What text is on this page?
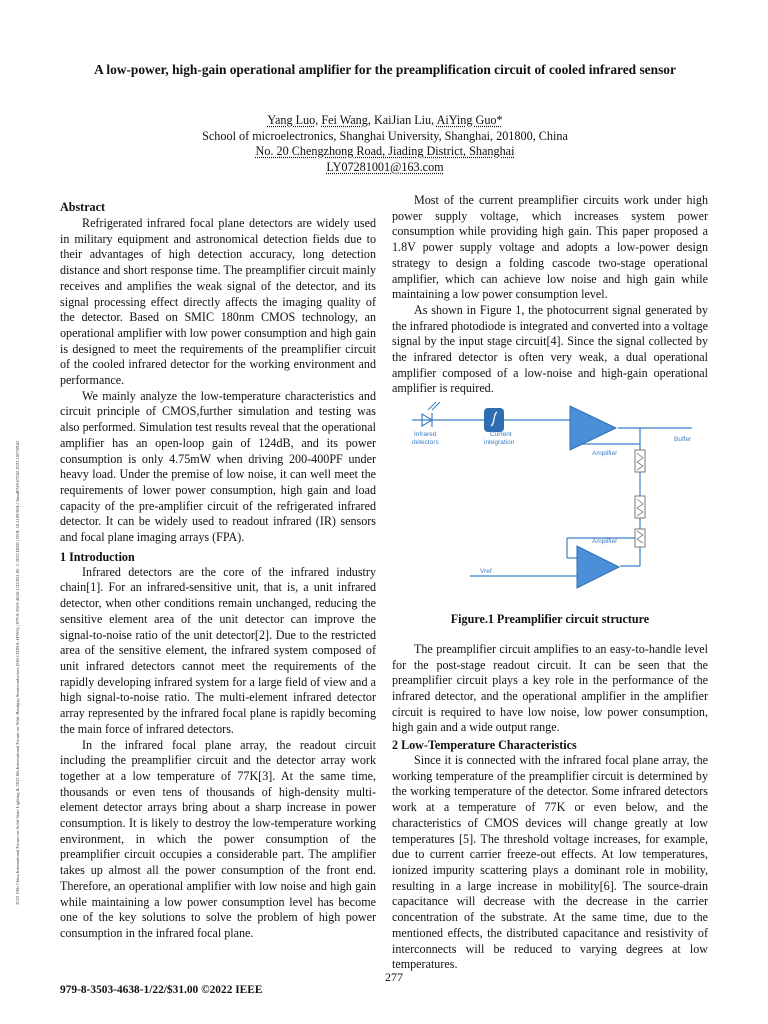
2022 19th China International Forum on Solid State Lighting & 2022 8th International Forum on Wide Bandgap Semiconductors (SSLCHINA: IFWS) | 979-8-3503-4638-1/22/$31.00 ©2022 IEEE | DOI: 10.1109/SSLChinaIFWS57942.2023.10070942
A low-power, high-gain operational amplifier for the preamplification circuit of cooled infrared sensor
Yang Luo, Fei Wang, KaiJian Liu, AiYing Guo*
School of microelectronics, Shanghai University, Shanghai, 201800, China
No. 20 Chengzhong Road, Jiading District, Shanghai
LY07281001@163.com
Abstract

Refrigerated infrared focal plane detectors are widely used in military equipment and astronomical detection fields due to their advantages of high detection accuracy, long detection distance and short response time. The preamplifier circuit mainly receives and amplifies the weak signal of the detector, and its signal processing effect directly affects the imaging quality of the detector. Based on SMIC 180nm CMOS technology, an operational amplifier with low power consumption and high gain is designed to meet the requirements of the preamplifier circuit of the cooled infrared detector for the working environment and performance.

We mainly analyze the low-temperature characteristics and circuit principle of CMOS,further simulation and testing was also performed. Simulation test results reveal that the operational amplifier has an open-loop gain of 124dB, and its power consumption is only 4.75mW when driving 200-400PF under heavy load. Under the premise of low noise, it can well meet the requirements of lower power consumption, high gain and load capacity of the pre-amplifier circuit of the refrigerated infrared detector. It can be widely used to readout infrared (IR) sensors and focal plane imaging arrays (FPA).

1 Introduction

Infrared detectors are the core of the infrared industry chain[1]. For an infrared-sensitive unit, that is, a unit infrared detector, when other conditions remain unchanged, reducing the sensitive element area of the unit detector can improve the signal-to-noise ratio of the unit detector[2]. Due to the restricted area of the sensitive element, the infrared system composed of unit infrared detectors cannot meet the requirements of the rapidly developing infrared system for a large field of view and a high signal-to-noise ratio. The multi-element infrared detector array represented by the infrared focal plane is rapidly becoming the main force of infrared detectors.

In the infrared focal plane array, the readout circuit including the preamplifier circuit and the detector array work together at a low temperature of 77K[3]. At the same time, thousands or even tens of thousands of high-density multi-element detector arrays bring about a sharp increase in power consumption. It is likely to destroy the low-temperature working environment, in which the power consumption of the preamplifier circuit occupies a considerable part. The amplifier takes up almost all the power consumption of the front end. Therefore, an operational amplifier with low noise and high gain while maintaining a low power consumption level has become one of the key solutions to solve the problem of high power consumption in the infrared focal plane.

Most of the current preamplifier circuits work under high power supply voltage, which increases system power consumption while providing high gain. This paper proposed a 1.8V power supply voltage and adopts a low-power design strategy to design a folding cascode two-stage operational amplifier, which can achieve low noise and high gain while maintaining a low power consumption level.

As shown in Figure 1, the photocurrent signal generated by the infrared photodiode is integrated and converted into a voltage signal by the input stage circuit[4]. Since the signal collected by the infrared detector is often very weak, a dual operational amplifier composed of a low-noise and high-gain operational amplifier is required.

Infrared
detectors
Current
integration
Amplifier
Buffer
Amplifier
Vref
Figure.1 Preamplifier circuit structure

The preamplifier circuit amplifies to an easy-to-handle level for the post-stage readout circuit. It can be seen that the preamplifier circuit plays a key role in the performance of the infrared detector, and the operational amplifier in the amplifier circuit is required to have low noise, low power consumption, high gain and a wide output range.

2 Low-Temperature Characteristics

Since it is connected with the infrared focal plane array, the working temperature of the preamplifier circuit is determined by the working temperature of the detector. Some infrared detectors work at a temperature of 77K or even below, and the characteristics of CMOS devices will change greatly at low temperatures [5]. The threshold voltage increases, for example, due to current carrier freeze-out effects. At low temperatures, ionized impurity scattering plays a dominant role in mobility, resulting in a large increase in mobility[6]. The source-drain capacitance will decrease with the decrease in the carrier concentration of the substrate. At the same time, due to the mentioned effects, the distributed capacitance and resistivity of interconnects will be reduced to varying degrees at low temperatures.

277
979-8-3503-4638-1/22/$31.00 ©2022 IEEE
